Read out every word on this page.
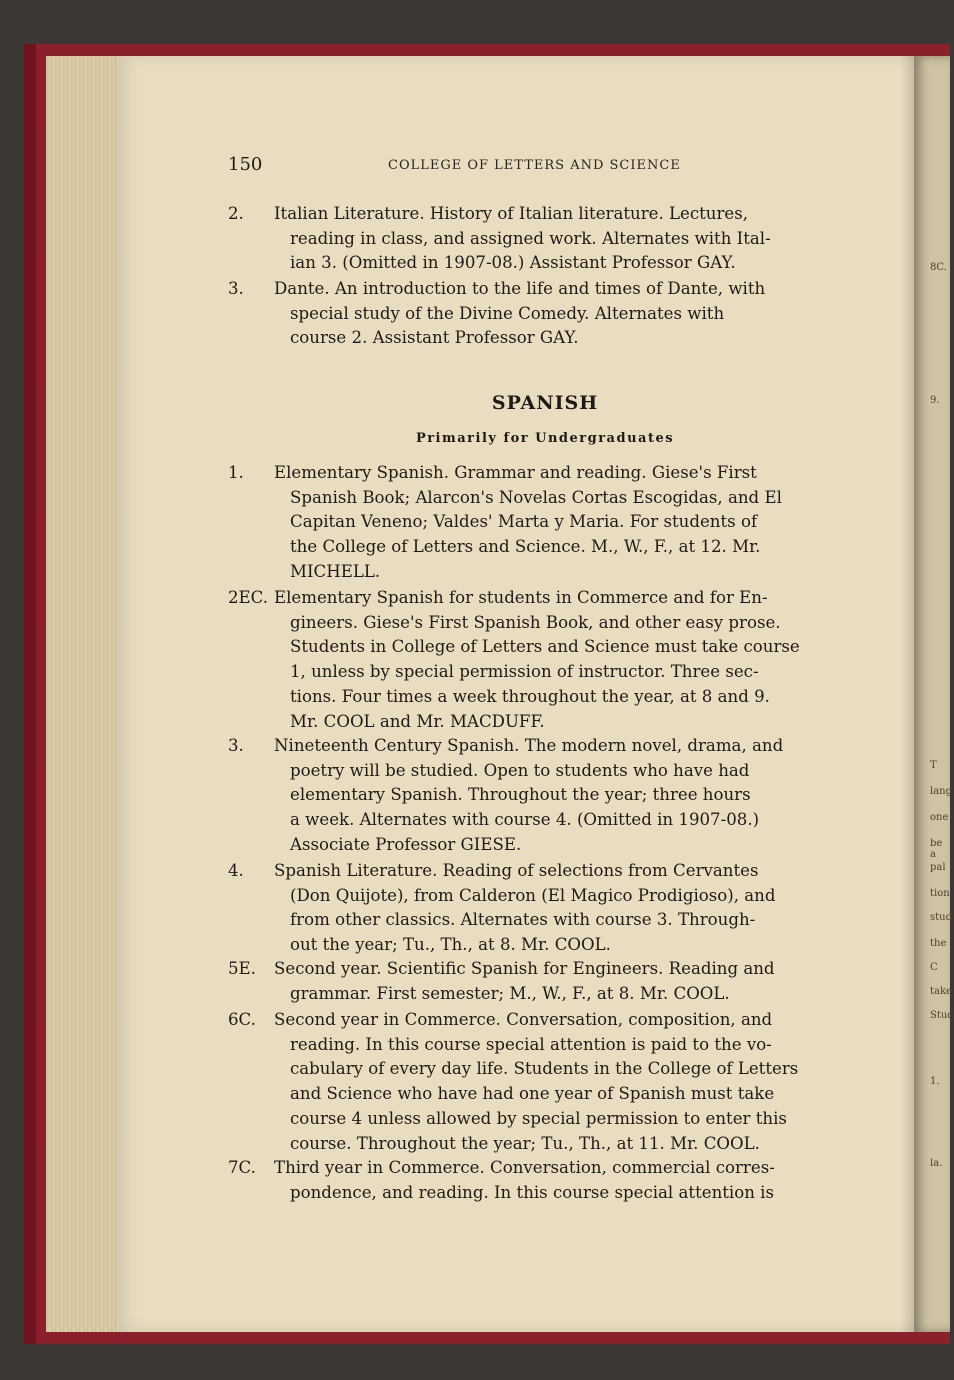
8C.
9.
T
lang
one
be a
pal
tion
stud
the
C
take
Stud
1.
la.
150	COLLEGE OF LETTERS AND SCIENCE
2.	Italian Literature. History of Italian literature. Lectures,
reading in class, and assigned work. Alternates with Ital-
ian 3. (Omitted in 1907-08.) Assistant Professor GAY.
3.	Dante. An introduction to the life and times of Dante, with
special study of the Divine Comedy. Alternates with
course 2. Assistant Professor GAY.
SPANISH
Primarily for Undergraduates
1.	Elementary Spanish. Grammar and reading. Giese's First
Spanish Book; Alarcon's Novelas Cortas Escogidas, and El
Capitan Veneno; Valdes' Marta y Maria. For students of
the College of Letters and Science. M., W., F., at 12. Mr.
MICHELL.
2EC. Elementary Spanish for students in Commerce and for En-
gineers. Giese's First Spanish Book, and other easy prose.
Students in College of Letters and Science must take course
1, unless by special permission of instructor. Three sec-
tions. Four times a week throughout the year, at 8 and 9.
Mr. COOL and Mr. MACDUFF.
3.	Nineteenth Century Spanish. The modern novel, drama, and
poetry will be studied. Open to students who have had
elementary Spanish. Throughout the year; three hours
a week. Alternates with course 4. (Omitted in 1907-08.)
Associate Professor GIESE.
4.	Spanish Literature. Reading of selections from Cervantes
(Don Quijote), from Calderon (El Magico Prodigioso), and
from other classics. Alternates with course 3. Through-
out the year; Tu., Th., at 8. Mr. COOL.
5E.	Second year. Scientific Spanish for Engineers. Reading and
grammar. First semester; M., W., F., at 8. Mr. COOL.
6C.	Second year in Commerce. Conversation, composition, and
reading. In this course special attention is paid to the vo-
cabulary of every day life. Students in the College of Letters
and Science who have had one year of Spanish must take
course 4 unless allowed by special permission to enter this
course. Throughout the year; Tu., Th., at 11. Mr. COOL.
7C.	Third year in Commerce. Conversation, commercial corres-
pondence, and reading. In this course special attention is
